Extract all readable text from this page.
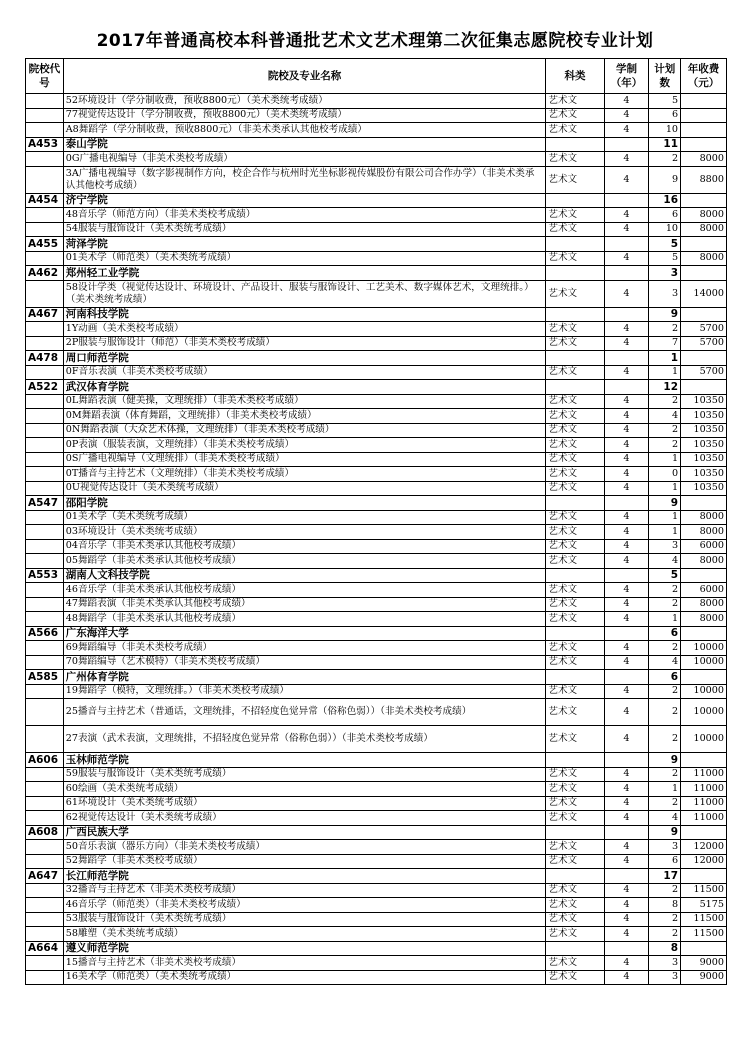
2017年普通高校本科普通批艺术文艺术理第二次征集志愿院校专业计划
院校代号	院校及专业名称	科类	学制（年）	计划数	年收费（元）
	52环境设计（学分制收费，预收8800元）（美术类统考成绩）	艺术文	4	5	
	77视觉传达设计（学分制收费，预收8800元）（美术类统考成绩）	艺术文	4	6	
	A8舞蹈学（学分制收费，预收8800元）（非美术类承认其他校考成绩）	艺术文	4	10	
A453	泰山学院			11	
	0G广播电视编导（非美术类校考成绩）	艺术文	4	2	8000
	3A广播电视编导（数字影视制作方向，校企合作与杭州时光坐标影视传媒股份有限公司合作办学）（非美术类承认其他校考成绩）	艺术文	4	9	8800
A454	济宁学院			16	
	48音乐学（师范方向）（非美术类校考成绩）	艺术文	4	6	8000
	54服装与服饰设计（美术类统考成绩）	艺术文	4	10	8000
A455	菏泽学院			5	
	01美术学（师范类）（美术类统考成绩）	艺术文	4	5	8000
A462	郑州轻工业学院			3	
	58设计学类（视觉传达设计、环境设计、产品设计、服装与服饰设计、工艺美术、数字媒体艺术，文理统排。）（美术类统考成绩）	艺术文	4	3	14000
A467	河南科技学院			9	
	1Y动画（美术类校考成绩）	艺术文	4	2	5700
	2P服装与服饰设计（师范）（非美术类校考成绩）	艺术文	4	7	5700
A478	周口师范学院			1	
	0F音乐表演（非美术类校考成绩）	艺术文	4	1	5700
A522	武汉体育学院			12	
	0L舞蹈表演（健美操，文理统排）（非美术类校考成绩）	艺术文	4	2	10350
	0M舞蹈表演（体育舞蹈，文理统排）（非美术类校考成绩）	艺术文	4	4	10350
	0N舞蹈表演（大众艺术体操，文理统排）（非美术类校考成绩）	艺术文	4	2	10350
	0P表演（服装表演，文理统排）（非美术类校考成绩）	艺术文	4	2	10350
	0S广播电视编导（文理统排）（非美术类校考成绩）	艺术文	4	1	10350
	0T播音与主持艺术（文理统排）（非美术类校考成绩）	艺术文	4	0	10350
	0U视觉传达设计（美术类统考成绩）	艺术文	4	1	10350
A547	邵阳学院			9	
	01美术学（美术类统考成绩）	艺术文	4	1	8000
	03环境设计（美术类统考成绩）	艺术文	4	1	8000
	04音乐学（非美术类承认其他校考成绩）	艺术文	4	3	6000
	05舞蹈学（非美术类承认其他校考成绩）	艺术文	4	4	8000
A553	湖南人文科技学院			5	
	46音乐学（非美术类承认其他校考成绩）	艺术文	4	2	6000
	47舞蹈表演（非美术类承认其他校考成绩）	艺术文	4	2	8000
	48舞蹈学（非美术类承认其他校考成绩）	艺术文	4	1	8000
A566	广东海洋大学			6	
	69舞蹈编导（非美术类校考成绩）	艺术文	4	2	10000
	70舞蹈编导（艺术模特）（非美术类校考成绩）	艺术文	4	4	10000
A585	广州体育学院			6	
	19舞蹈学（模特，文理统排。）（非美术类校考成绩）	艺术文	4	2	10000
	25播音与主持艺术（普通话，文理统排，不招轻度色觉异常（俗称色弱））（非美术类校考成绩）	艺术文	4	2	10000
	27表演（武术表演，文理统排，不招轻度色觉异常（俗称色弱））（非美术类校考成绩）	艺术文	4	2	10000
A606	玉林师范学院			9	
	59服装与服饰设计（美术类统考成绩）	艺术文	4	2	11000
	60绘画（美术类统考成绩）	艺术文	4	1	11000
	61环境设计（美术类统考成绩）	艺术文	4	2	11000
	62视觉传达设计（美术类统考成绩）	艺术文	4	4	11000
A608	广西民族大学			9	
	50音乐表演（器乐方向）（非美术类校考成绩）	艺术文	4	3	12000
	52舞蹈学（非美术类校考成绩）	艺术文	4	6	12000
A647	长江师范学院			17	
	32播音与主持艺术（非美术类校考成绩）	艺术文	4	2	11500
	46音乐学（师范类）（非美术类校考成绩）	艺术文	4	8	5175
	53服装与服饰设计（美术类统考成绩）	艺术文	4	2	11500
	58雕塑（美术类统考成绩）	艺术文	4	2	11500
A664	遵义师范学院			8	
	15播音与主持艺术（非美术类校考成绩）	艺术文	4	3	9000
	16美术学（师范类）（美术类统考成绩）	艺术文	4	3	9000
